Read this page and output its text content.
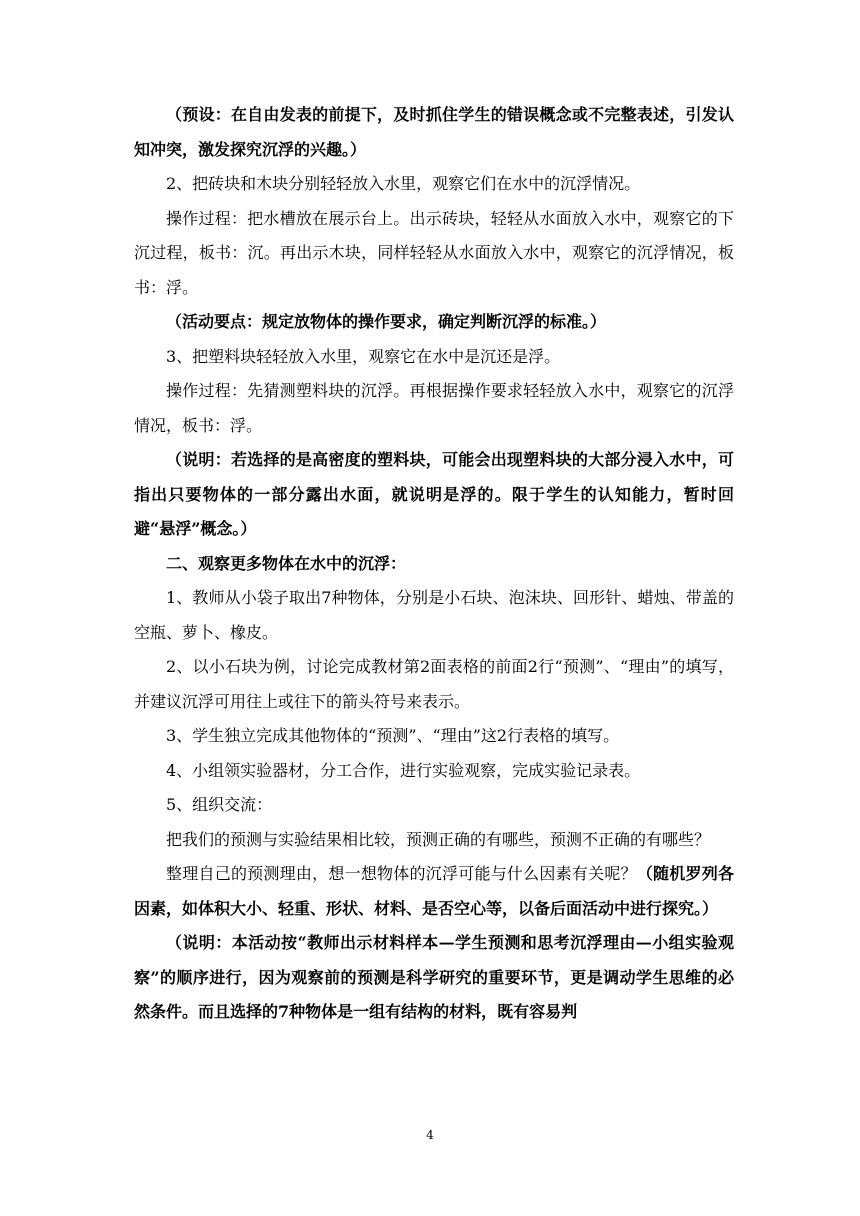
（预设：在自由发表的前提下，及时抓住学生的错误概念或不完整表述，引发认知冲突，激发探究沉浮的兴趣。）

2、把砖块和木块分别轻轻放入水里，观察它们在水中的沉浮情况。

操作过程：把水槽放在展示台上。出示砖块，轻轻从水面放入水中，观察它的下沉过程，板书：沉。再出示木块，同样轻轻从水面放入水中，观察它的沉浮情况，板书：浮。

（活动要点：规定放物体的操作要求，确定判断沉浮的标准。）

3、把塑料块轻轻放入水里，观察它在水中是沉还是浮。

操作过程：先猜测塑料块的沉浮。再根据操作要求轻轻放入水中，观察它的沉浮情况，板书：浮。

（说明：若选择的是高密度的塑料块，可能会出现塑料块的大部分浸入水中，可指出只要物体的一部分露出水面，就说明是浮的。限于学生的认知能力，暂时回避“悬浮”概念。）

二、观察更多物体在水中的沉浮：

1、教师从小袋子取出7种物体，分别是小石块、泡沫块、回形针、蜡烛、带盖的空瓶、萝卜、橡皮。

2、以小石块为例，讨论完成教材第2面表格的前面2行“预测”、“理由”的填写，并建议沉浮可用往上或往下的箭头符号来表示。

3、学生独立完成其他物体的“预测”、“理由”这2行表格的填写。

4、小组领实验器材，分工合作，进行实验观察，完成实验记录表。

5、组织交流：

把我们的预测与实验结果相比较，预测正确的有哪些，预测不正确的有哪些？

整理自己的预测理由，想一想物体的沉浮可能与什么因素有关呢？（随机罗列各因素，如体积大小、轻重、形状、材料、是否空心等，以备后面活动中进行探究。）

（说明：本活动按“教师出示材料样本—学生预测和思考沉浮理由—小组实验观察”的顺序进行，因为观察前的预测是科学研究的重要环节，更是调动学生思维的必然条件。而且选择的7种物体是一组有结构的材料，既有容易判

4
